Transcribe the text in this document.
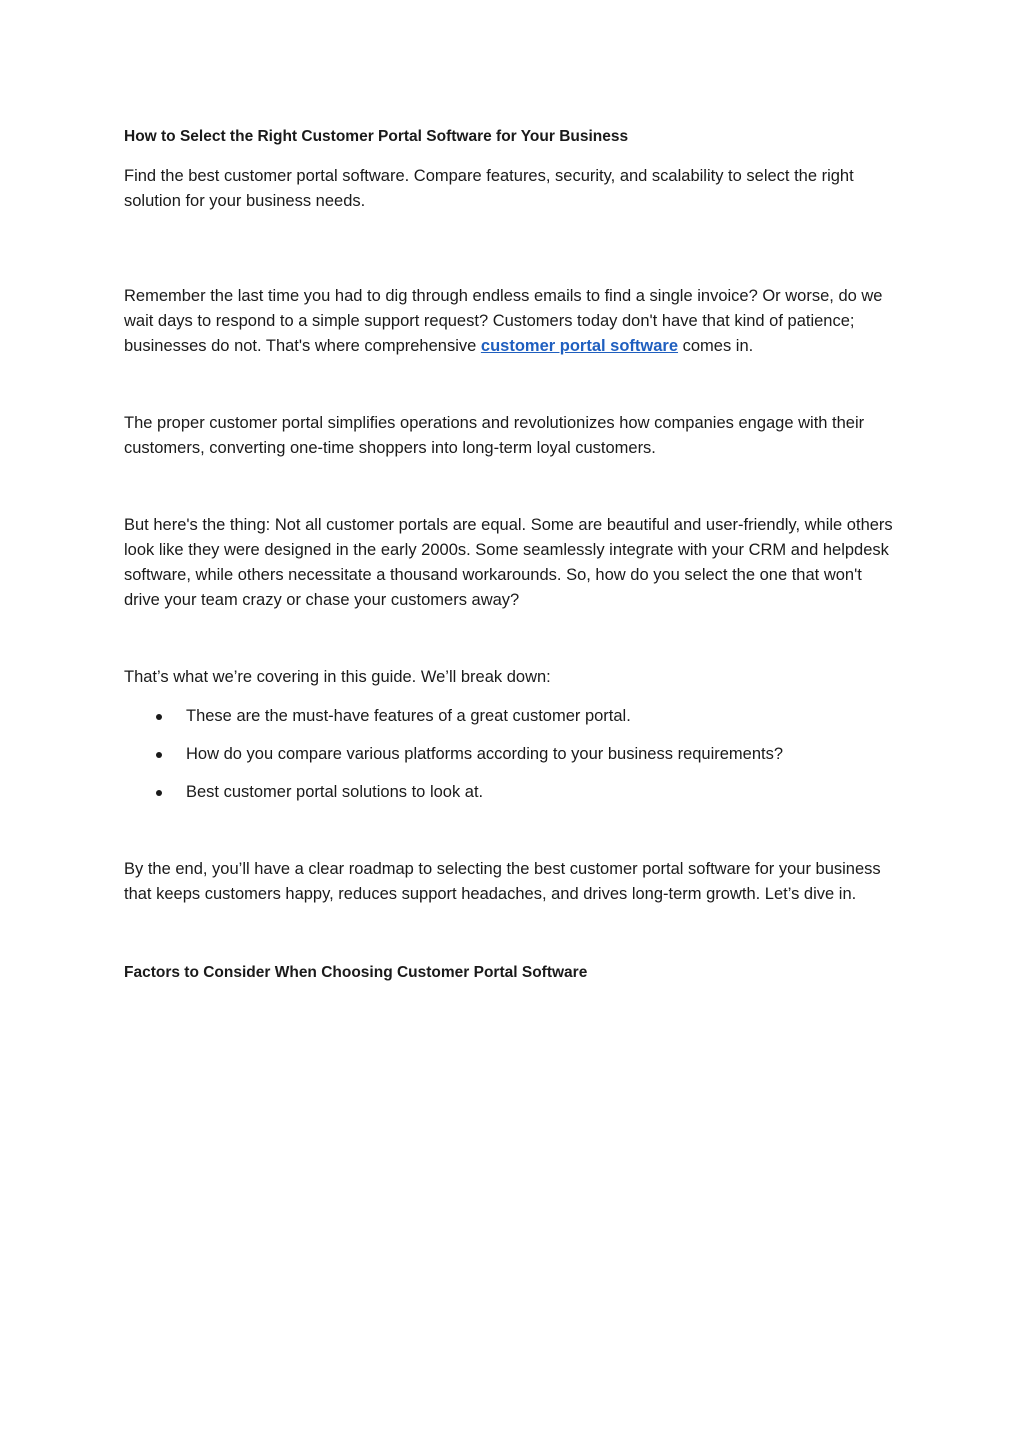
How to Select the Right Customer Portal Software for Your Business

Find the best customer portal software. Compare features, security, and scalability to select the right solution for your business needs.

Remember the last time you had to dig through endless emails to find a single invoice? Or worse, do we wait days to respond to a simple support request? Customers today don't have that kind of patience; businesses do not. That's where comprehensive customer portal software comes in.

The proper customer portal simplifies operations and revolutionizes how companies engage with their customers, converting one-time shoppers into long-term loyal customers.

But here's the thing: Not all customer portals are equal. Some are beautiful and user-friendly, while others look like they were designed in the early 2000s. Some seamlessly integrate with your CRM and helpdesk software, while others necessitate a thousand workarounds. So, how do you select the one that won't drive your team crazy or chase your customers away?

That’s what we’re covering in this guide. We’ll break down:

These are the must-have features of a great customer portal.
How do you compare various platforms according to your business requirements?
Best customer portal solutions to look at.

By the end, you’ll have a clear roadmap to selecting the best customer portal software for your business that keeps customers happy, reduces support headaches, and drives long-term growth. Let’s dive in.

Factors to Consider When Choosing Customer Portal Software
